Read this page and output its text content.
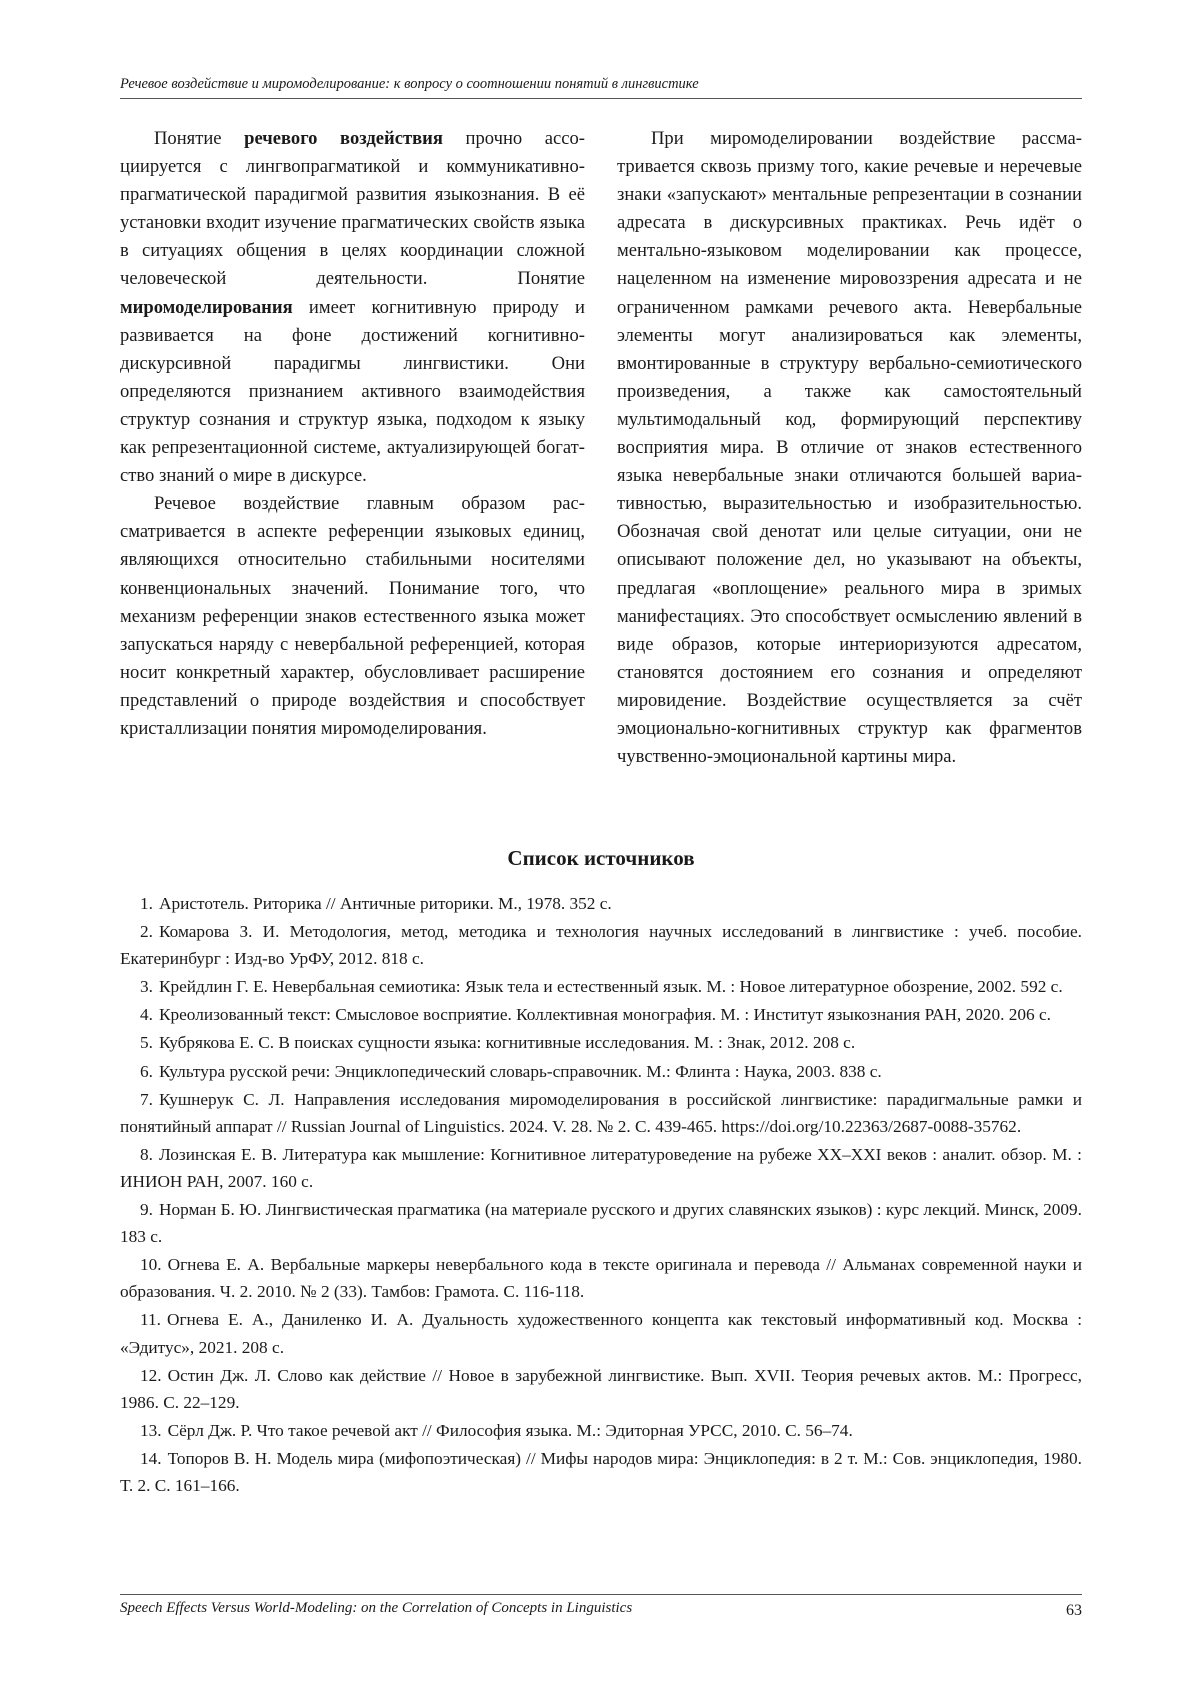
Речевое воздействие и миромоделирование: к вопросу о соотношении понятий в лингвистике

Понятие речевого воздействия прочно ассоциируется с лингвопрагматикой и коммуникативно-прагматической парадигмой развития языкознания. В её установки входит изучение прагматических свойств языка в ситуациях общения в целях координации сложной человеческой деятельности. Понятие миромоделирования имеет когнитивную природу и развивается на фоне достижений когнитивно-дискурсивной парадигмы лингвистики. Они определяются признанием активного взаимодействия структур сознания и структур языка, подходом к языку как репрезентационной системе, актуализирующей богатство знаний о мире в дискурсе.

Речевое воздействие главным образом рассматривается в аспекте референции языковых единиц, являющихся относительно стабильными носителями конвенциональных значений. Понимание того, что механизм референции знаков естественного языка может запускаться наряду с невербальной референцией, которая носит конкретный характер, обусловливает расширение представлений о природе воздействия и способствует кристаллизации понятия миромоделирования.

При миромоделировании воздействие рассматривается сквозь призму того, какие речевые и неречевые знаки «запускают» ментальные репрезентации в сознании адресата в дискурсивных практиках. Речь идёт о ментально-языковом моделировании как процессе, нацеленном на изменение мировоззрения адресата и не ограниченном рамками речевого акта. Невербальные элементы могут анализироваться как элементы, вмонтированные в структуру вербально-семиотического произведения, а также как самостоятельный мультимодальный код, формирующий перспективу восприятия мира. В отличие от знаков естественного языка невербальные знаки отличаются большей вариативностью, выразительностью и изобразительностью. Обозначая свой денотат или целые ситуации, они не описывают положение дел, но указывают на объекты, предлагая «воплощение» реального мира в зримых манифестациях. Это способствует осмыслению явлений в виде образов, которые интериоризуются адресатом, становятся достоянием его сознания и определяют мировидение. Воздействие осуществляется за счёт эмоционально-когнитивных структур как фрагментов чувственно-эмоциональной картины мира.

Список источников

1. Аристотель. Риторика // Античные риторики. М., 1978. 352 с.

2. Комарова З. И. Методология, метод, методика и технология научных исследований в лингвистике : учеб. пособие. Екатеринбург : Изд-во УрФУ, 2012. 818 с.

3. Крейдлин Г. Е. Невербальная семиотика: Язык тела и естественный язык. М. : Новое литературное обозрение, 2002. 592 с.

4. Креолизованный текст: Смысловое восприятие. Коллективная монография. М. : Институт языкознания РАН, 2020. 206 с.

5. Кубрякова Е. С. В поисках сущности языка: когнитивные исследования. М. : Знак, 2012. 208 с.

6. Культура русской речи: Энциклопедический словарь-справочник. М.: Флинта : Наука, 2003. 838 с.

7. Кушнерук С. Л. Направления исследования миромоделирования в российской лингвистике: парадигмальные рамки и понятийный аппарат // Russian Journal of Linguistics. 2024. V. 28. № 2. С. 439-465. https://doi.org/10.22363/2687-0088-35762.

8. Лозинская Е. В. Литература как мышление: Когнитивное литературоведение на рубеже XX–XXI веков : аналит. обзор. М. : ИНИОН РАН, 2007. 160 с.

9. Норман Б. Ю. Лингвистическая прагматика (на материале русского и других славянских языков) : курс лекций. Минск, 2009. 183 с.

10. Огнева Е. А. Вербальные маркеры невербального кода в тексте оригинала и перевода // Альманах современной науки и образования. Ч. 2. 2010. № 2 (33). Тамбов: Грамота. С. 116-118.

11. Огнева Е. А., Даниленко И. А. Дуальность художественного концепта как текстовый информативный код. Москва : «Эдитус», 2021. 208 с.

12. Остин Дж. Л. Слово как действие // Новое в зарубежной лингвистике. Вып. XVII. Теория речевых актов. М.: Прогресс, 1986. С. 22–129.

13. Сёрл Дж. Р. Что такое речевой акт // Философия языка. М.: Эдиторная УРСС, 2010. С. 56–74.

14. Топоров В. Н. Модель мира (мифопоэтическая) // Мифы народов мира: Энциклопедия: в 2 т. М.: Сов. энциклопедия, 1980. Т. 2. С. 161–166.

Speech Effects Versus World-Modeling: on the Correlation of Concepts in Linguistics	63
